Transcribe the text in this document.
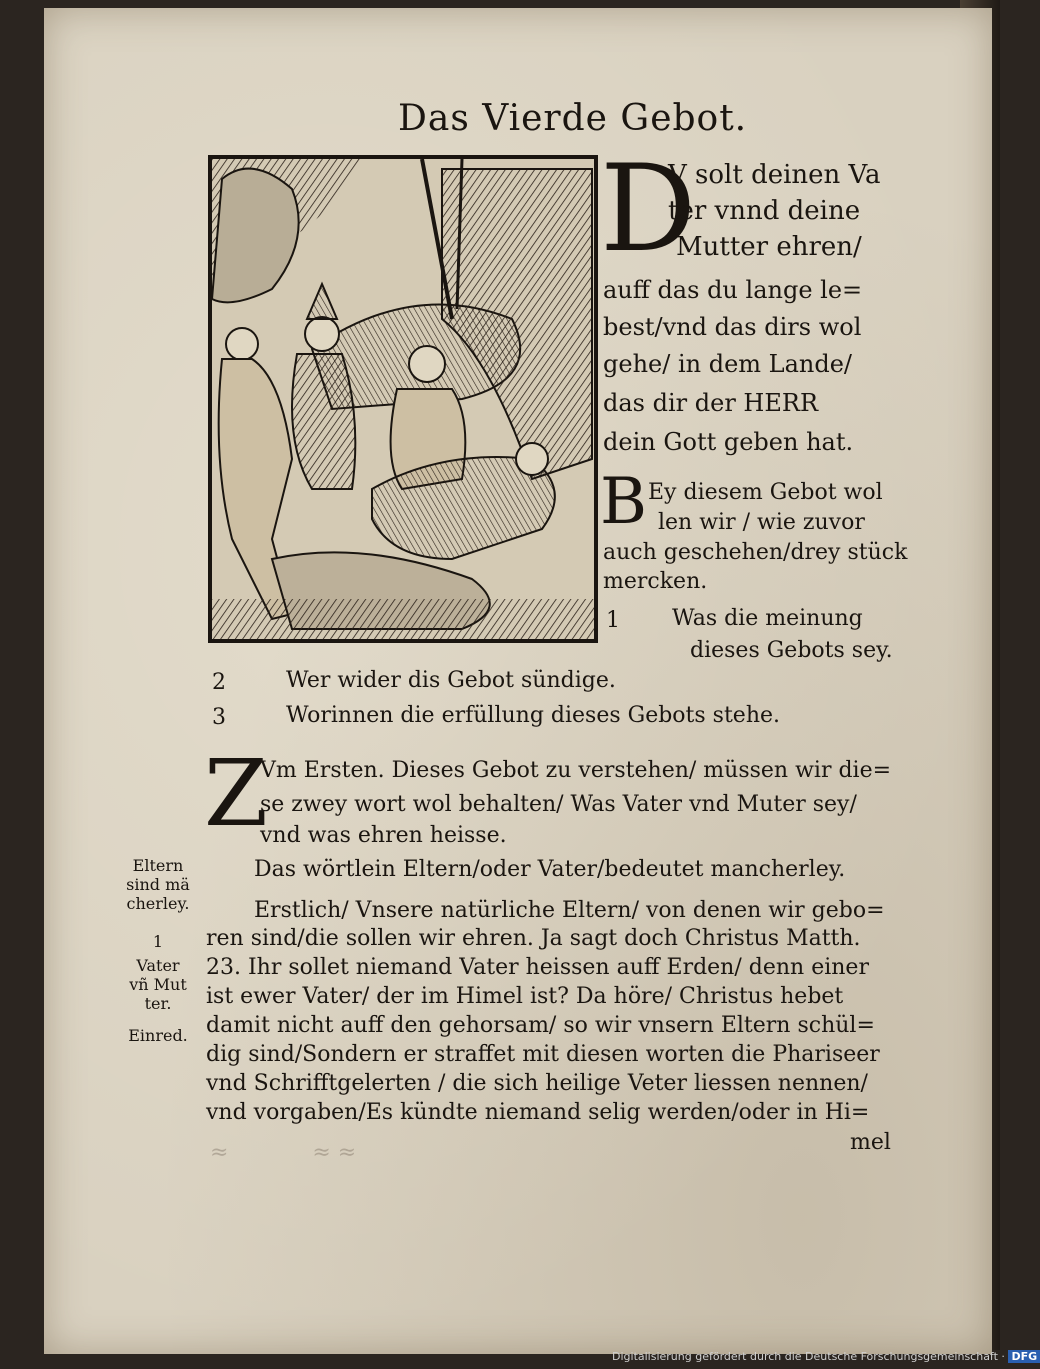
Das Vierde Gebot.
D
V solt deinen Va
ter vnnd deine
Mutter ehren/
auff das du lange le=
best/vnd das dirs wol
gehe/ in dem Lande/
das dir der HERR
dein Gott geben hat.
B Ey diesem Gebot wol
len wir / wie zuvor
auch geschehen/drey stück
mercken.
1 Was die meinung
dieses Gebots sey.
2	Wer wider dis Gebot sündige.
3	Worinnen die erfüllung dieses Gebots stehe.
Z
Vm Ersten. Dieses Gebot zu verstehen/ müssen wir die=
se zwey wort wol behalten/ Was Vater vnd Muter sey/
vnd was ehren heisse.
Das wörtlein Eltern/oder Vater/bedeutet mancherley.
Erstlich/ Vnsere natürliche Eltern/ von denen wir gebo=
ren sind/die sollen wir ehren. Ja sagt doch Christus Matth.
23. Ihr sollet niemand Vater heissen auff Erden/ denn einer
ist ewer Vater/ der im Himel ist? Da höre/ Christus hebet
damit nicht auff den gehorsam/ so wir vnsern Eltern schül=
dig sind/Sondern er straffet mit diesen worten die Phariseer
vnd Schrifftgelerten / die sich heilige Veter liessen nennen/
vnd vorgaben/Es kündte niemand selig werden/oder in Hi=
mel
Eltern
sind mä
cherley.
1
Vater
vñ Mut
ter.
Einred.
≈            ≈ ≈
Digitalisierung gefördert durch die Deutsche Forschungsgemeinschaft · DFG
